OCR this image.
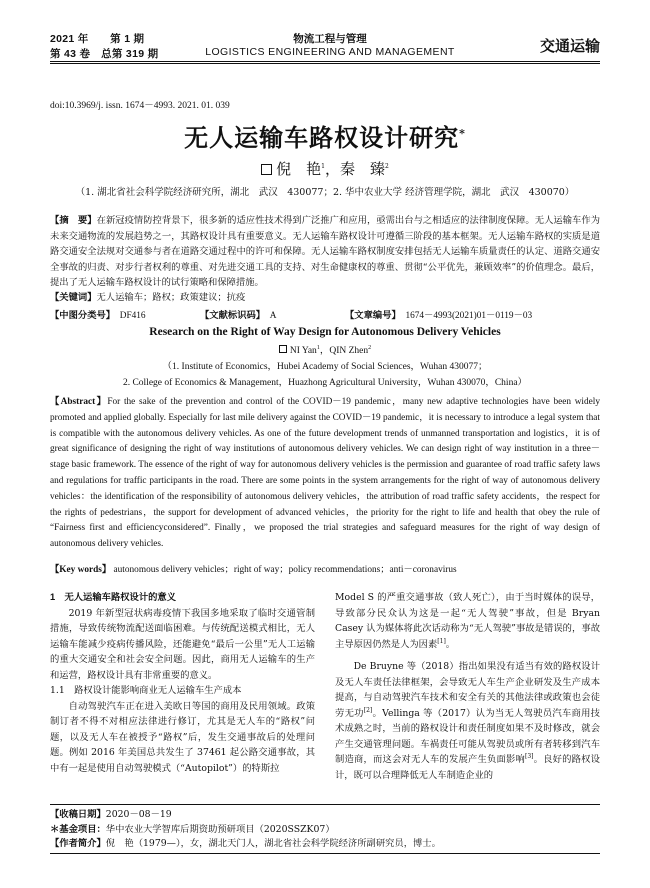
2021 年　　第 1 期
第 43 卷　总第 319 期
物流工程与管理
LOGISTICS ENGINEERING AND MANAGEMENT	交通运输
doi:10.3969/j. issn. 1674－4993. 2021. 01. 039
无人运输车路权设计研究*
倪　艳$^1$，秦　臻$^2$
（1. 湖北省社会科学院经济研究所，湖北　武汉　430077；2. 华中农业大学 经济管理学院，湖北　武汉　430070）
【摘　要】在新冠疫情防控背景下，很多新的适应性技术得到广泛推广和应用，亟需出台与之相适应的法律制度保障。无人运输车作为未来交通物流的发展趋势之一，其路权设计具有重要意义。无人运输车路权设计可遵循三阶段的基本框架。无人运输车路权的实质是道路交通安全法规对交通参与者在道路交通过程中的许可和保障。无人运输车路权制度安排包括无人运输车质量责任的认定、道路交通安全事故的归责、对步行者权利的尊重、对先进交通工具的支持、对生命健康权的尊重、贯彻“公平优先，兼顾效率”的价值理念。最后，提出了无人运输车路权设计的试行策略和保障措施。
【关键词】无人运输车；路权；政策建议；抗疫
【中图分类号】　 DF416	【文献标识码】　 A	【文章编号】　 1674－4993(2021)01－0119－03
Research on the Right of Way Design for Autonomous Delivery Vehicles
NI Yan$^1$，QIN Zhen$^2$
（1. Institute of Economics，Hubei Academy of Social Sciences，Wuhan 430077；
2. College of Economics & Management，Huazhong Agricultural University，Wuhan 430070，China）
【Abstract】For the sake of the prevention and control of the COVID－19 pandemic，many new adaptive technologies have been widely promoted and applied globally. Especially for last mile delivery against the COVID－19 pandemic，it is necessary to introduce a legal system that is compatible with the autonomous delivery vehicles. As one of the future development trends of unmanned transportation and logistics，it is of great significance of designing the right of way institutions of autonomous delivery vehicles. We can design right of way institution in a three－stage basic framework. The essence of the right of way for autonomous delivery vehicles is the permission and guarantee of road traffic safety laws and regulations for traffic participants in the road. There are some points in the system arrangements for the right of way of autonomous delivery vehicles：the identification of the responsibility of autonomous delivery vehicles，the attribution of road traffic safety accidents，the respect for the rights of pedestrians，the support for development of advanced vehicles，the priority for the right to life and health that obey the rule of “Fairness first and efficiencyconsidered”. Finally，we proposed the trial strategies and safeguard measures for the right of way design of autonomous delivery vehicles.
【Key words】 autonomous delivery vehicles；right of way；policy recommendations；anti－coronavirus
1　无人运输车路权设计的意义

2019 年新型冠状病毒疫情下我国多地采取了临时交通管制措施，导致传统物流配送面临困难。与传统配送模式相比，无人运输车能减少疫病传播风险，还能避免“最后一公里”无人工运输的重大交通安全和社会安全问题。因此，商用无人运输车的生产和运营，路权设计具有非常重要的意义。

1.1　路权设计能影响商业无人运输车生产成本

自动驾驶汽车正在进入美欧日等国的商用及民用领域。政策制订者不得不对相应法律进行修订，尤其是无人车的“路权”问题，以及无人车在被授予“路权”后，发生交通事故后的处理问题。例如 2016 年美国总共发生了 37461 起公路交通事故，其中有一起是使用自动驾驶模式（“Autopilot”）的特斯拉

Model S 的严重交通事故（致人死亡），由于当时媒体的误导，导致部分民众认为这是一起“无人驾驶”事故，但是 Bryan Casey 认为媒体将此次话动称为“无人驾驶”事故是错误的，事故主导原因仍然是人为因素[1]。

De Bruyne 等（2018）指出如果没有适当有效的路权设计及无人车责任法律框架，会导致无人车生产企业研发及生产成本提高，与自动驾驶汽车技术和安全有关的其他法律或政策也会徒劳无功[2]。Vellinga 等（2017）认为当无人驾驶员汽车商用技术成熟之时，当前的路权设计和责任制度如果不及时修改，就会产生交通管理问题。车祸责任可能从驾驶员或所有者转移到汽车制造商，而这会对无人车的发展产生负面影响[3]。良好的路权设计，既可以合理降低无人车制造企业的

【收稿日期】2020－08－19
＊基金项目：华中农业大学智库后期资助预研项目（2020SSZK07）
【作者简介】倪　艳（1979—），女，湖北天门人，湖北省社会科学院经济所副研究员，博士。
